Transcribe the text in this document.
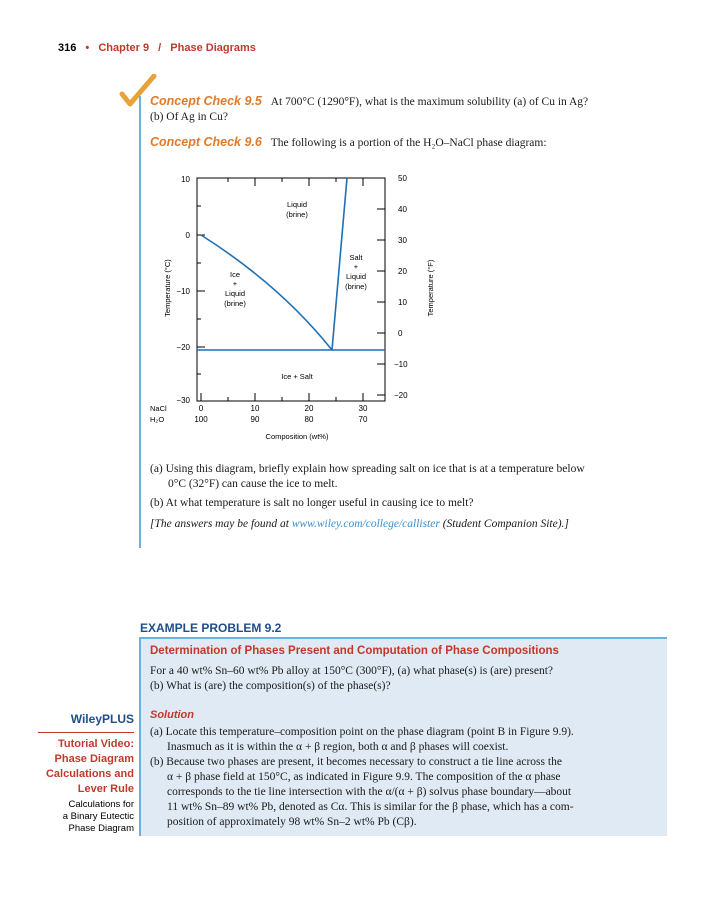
316 • Chapter 9 / Phase Diagrams
Concept Check 9.5 At 700°C (1290°F), what is the maximum solubility (a) of Cu in Ag?
(b) Of Ag in Cu?
Concept Check 9.6 The following is a portion of the H₂O–NaCl phase diagram:
10
0
−10
−20
−30
50
40
30
20
10
0
−10
−20
Temperature (°C)	Temperature (°F)
NaCl
H₂O
0	10	20	30
100	90	80	70
Composition (wt%)
Liquid
(brine)
Ice
+
Liquid
(brine)
Salt
+
Liquid
(brine)
Ice + Salt
(a) Using this diagram, briefly explain how spreading salt on ice that is at a temperature below
0°C (32°F) can cause the ice to melt.
(b) At what temperature is salt no longer useful in causing ice to melt?
[The answers may be found at www.wiley.com/college/callister (Student Companion Site).]
EXAMPLE PROBLEM 9.2
Determination of Phases Present and Computation of Phase Compositions
For a 40 wt% Sn–60 wt% Pb alloy at 150°C (300°F), (a) what phase(s) is (are) present?
(b) What is (are) the composition(s) of the phase(s)?
Solution
(a) Locate this temperature–composition point on the phase diagram (point B in Figure 9.9).
Inasmuch as it is within the α + β region, both α and β phases will coexist.
(b) Because two phases are present, it becomes necessary to construct a tie line across the
α + β phase field at 150°C, as indicated in Figure 9.9. The composition of the α phase
corresponds to the tie line intersection with the α/(α + β) solvus phase boundary—about
11 wt% Sn–89 wt% Pb, denoted as Cα. This is similar for the β phase, which has a com-
position of approximately 98 wt% Sn–2 wt% Pb (Cβ).
WileyPLUS
Tutorial Video:
Phase Diagram
Calculations and
Lever Rule
Calculations for
a Binary Eutectic
Phase Diagram
